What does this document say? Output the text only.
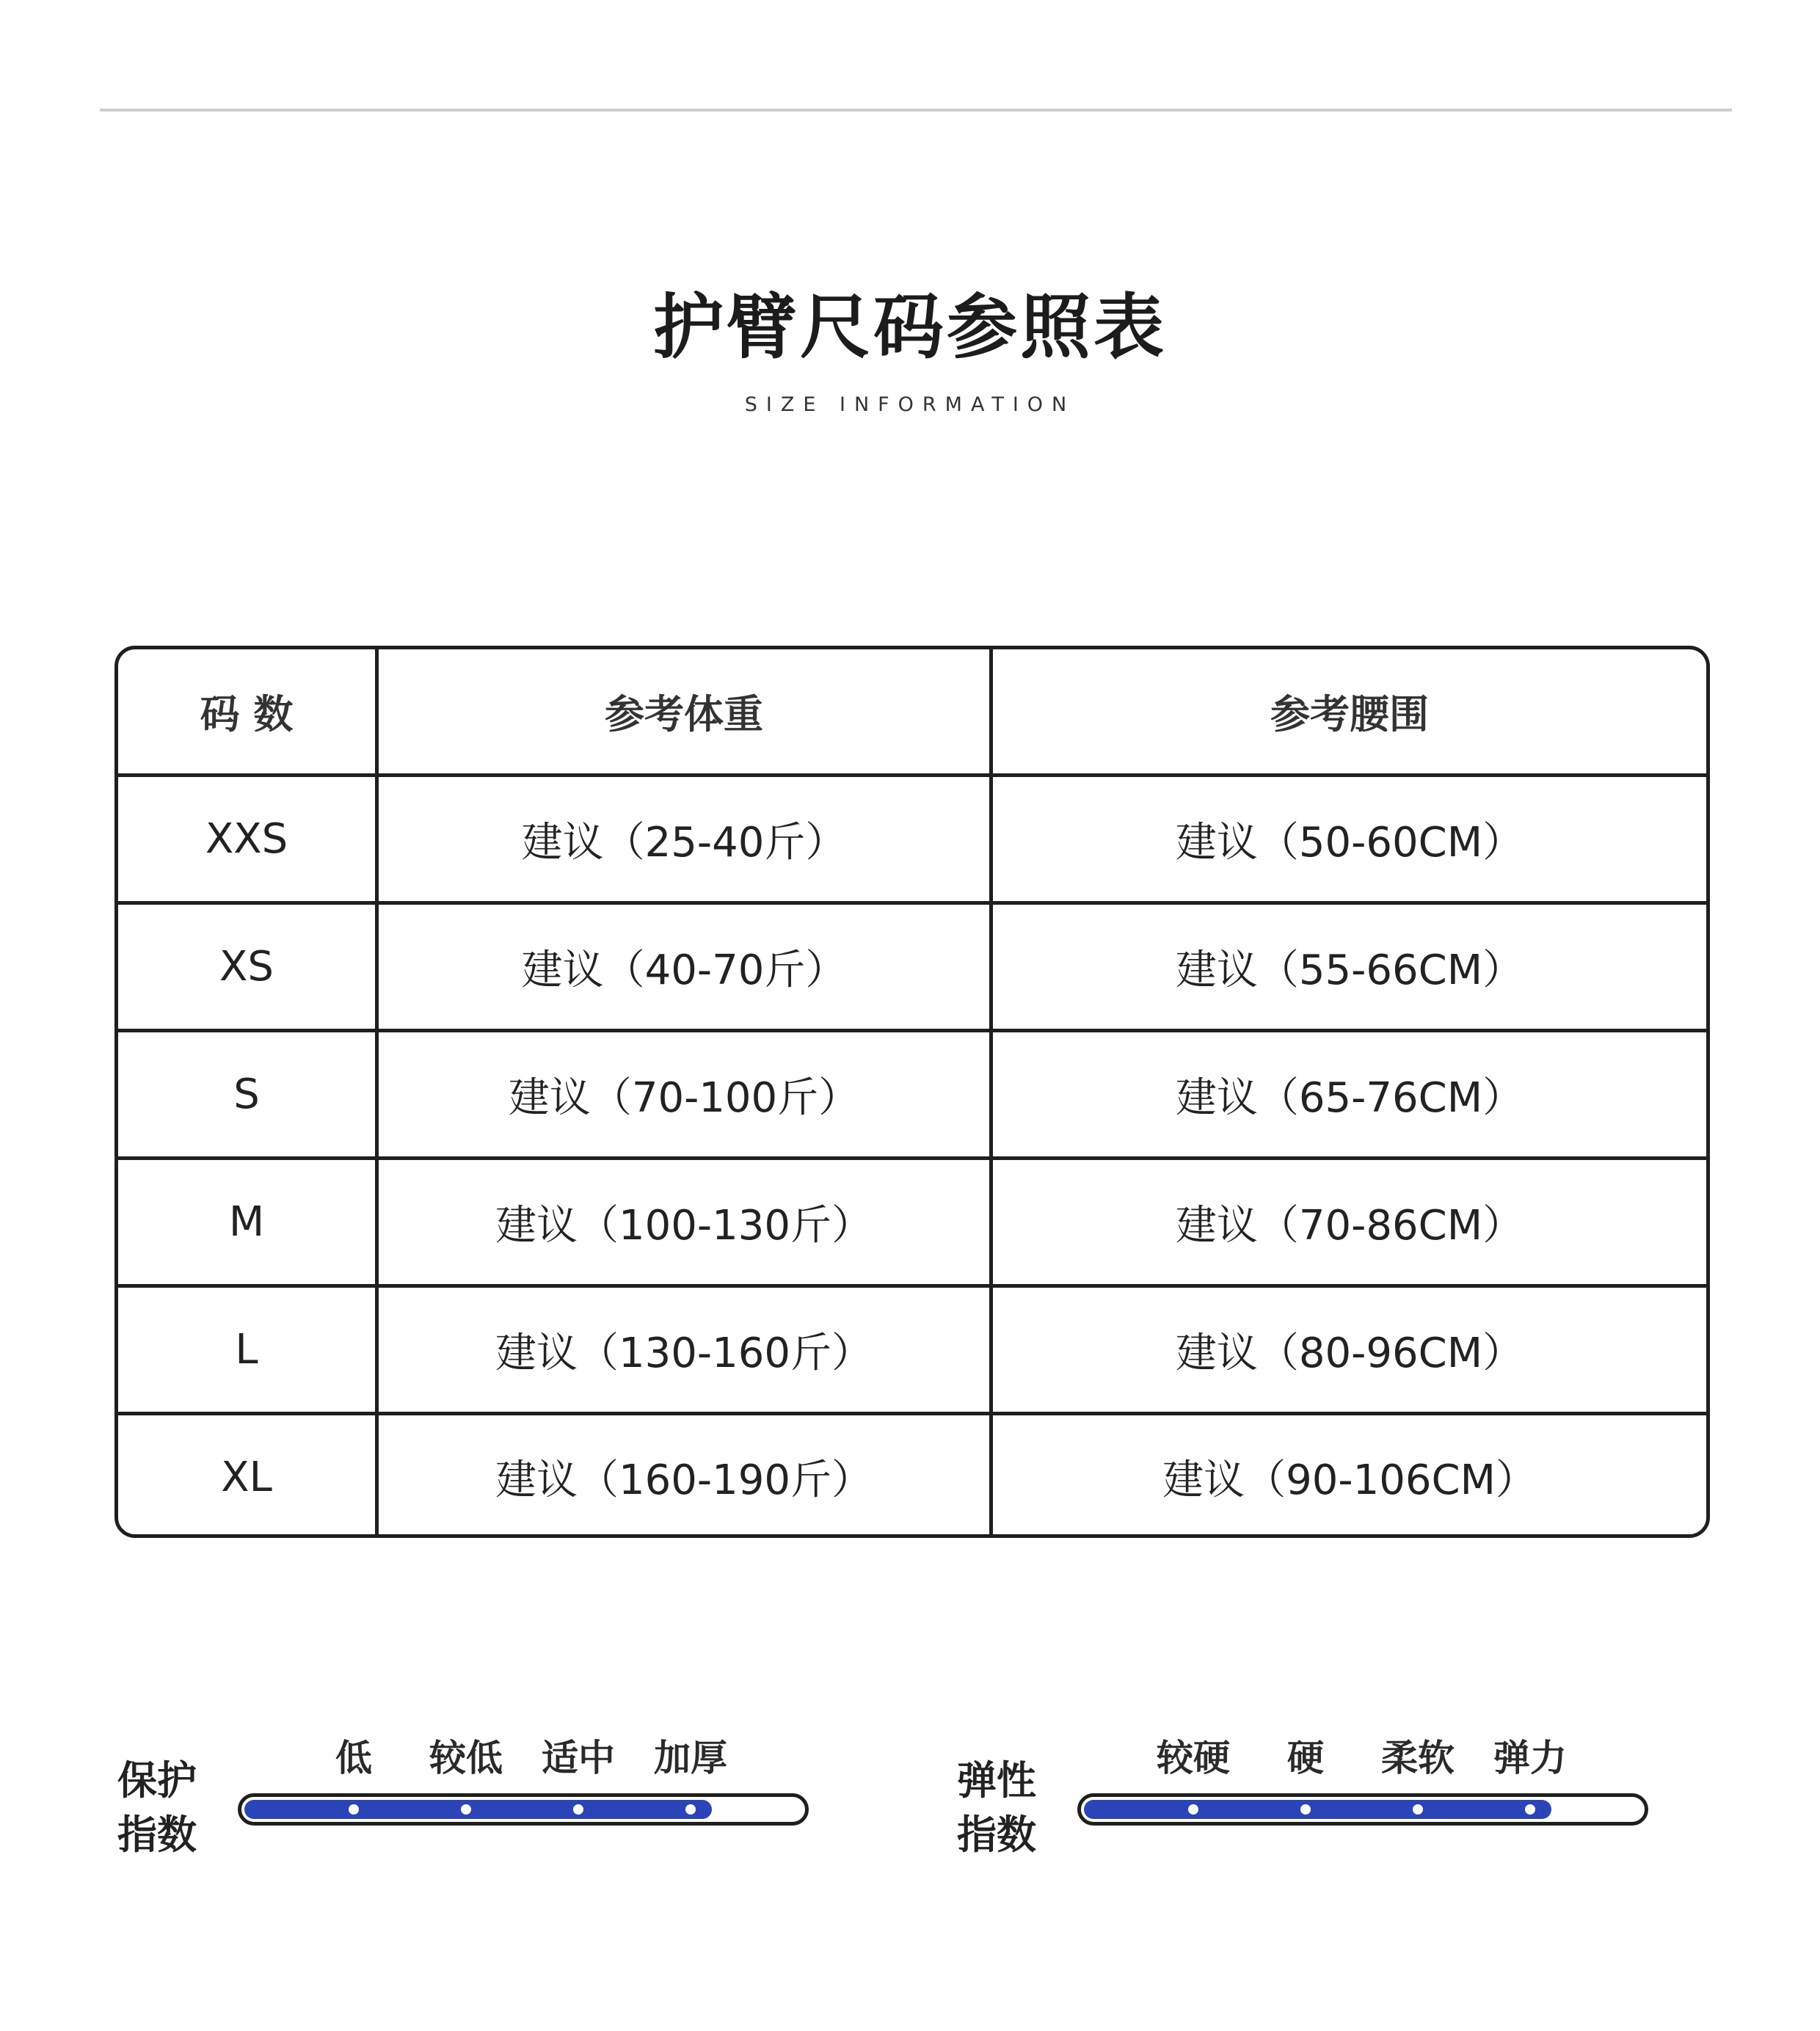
护臂尺码参照表
SIZE INFORMATION
码 数	参考体重	参考腰围
XXS	建议（25-40斤）	建议（50-60CM）
XS	建议（40-70斤）	建议（55-66CM）
S	建议（70-100斤）	建议（65-76CM）
M	建议（100-130斤）	建议（70-86CM）
L	建议（130-160斤）	建议（80-96CM）
XL	建议（160-190斤）	建议（90-106CM）
保护
指数
低 较低 适中 加厚	弹性
指数
较硬 硬 柔软 弹力
